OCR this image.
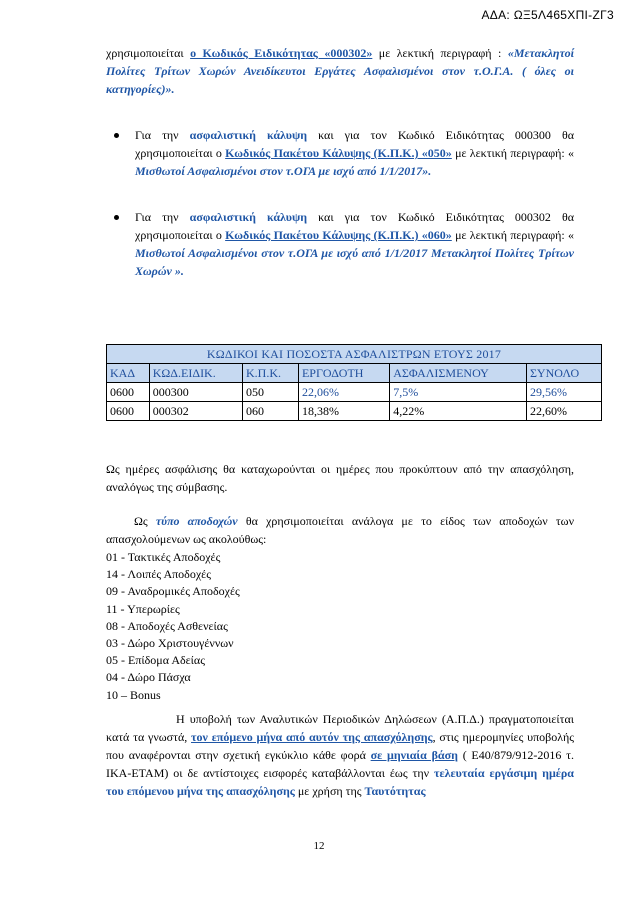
ΑΔΑ: ΩΞ5Λ465ΧΠΙ-ΖΓ3
χρησιμοποιείται ο Κωδικός Ειδικότητας «000302» με λεκτική περιγραφή : «Μετακλητοί Πολίτες Τρίτων Χωρών Ανειδίκευτοι Εργάτες Ασφαλισμένοι στον τ.Ο.Γ.Α. ( όλες οι κατηγορίες)».
Για την ασφαλιστική κάλυψη και για τον Κωδικό Ειδικότητας 000300 θα χρησιμοποιείται ο Κωδικός Πακέτου Κάλυψης (Κ.Π.Κ.) «050» με λεκτική περιγραφή: « Μισθωτοί Ασφαλισμένοι στον τ.ΟΓΑ με ισχύ από 1/1/2017».
Για την ασφαλιστική κάλυψη και για τον Κωδικό Ειδικότητας 000302 θα χρησιμοποιείται ο Κωδικός Πακέτου Κάλυψης (Κ.Π.Κ.) «060» με λεκτική περιγραφή: « Μισθωτοί Ασφαλισμένοι στον τ.ΟΓΑ με ισχύ από 1/1/2017 Μετακλητοί Πολίτες Τρίτων Χωρών ».
ΚΩΔΙΚΟΙ ΚΑΙ ΠΟΣΟΣΤΑ ΑΣΦΑΛΙΣΤΡΩΝ ΕΤΟΥΣ 2017					
ΚΑΔ	ΚΩΔ.ΕΙΔΙΚ.	Κ.Π.Κ.	ΕΡΓΟΔΟΤΗ	ΑΣΦΑΛΙΣΜΕΝΟΥ	ΣΥΝΟΛΟ
0600	000300	050	22,06%	7,5%	29,56%
0600	000302	060	18,38%	4,22%	22,60%
Ως ημέρες ασφάλισης θα καταχωρούνται οι ημέρες που προκύπτουν από την απασχόληση, αναλόγως της σύμβασης.
Ως τύπο αποδοχών θα χρησιμοποιείται ανάλογα με το είδος των αποδοχών των απασχολούμενων ως ακολούθως:
01 - Τακτικές Αποδοχές
14 - Λοιπές Αποδοχές
09 - Αναδρομικές Αποδοχές
11 - Υπερωρίες
08 - Αποδοχές Ασθενείας
03 - Δώρο Χριστουγέννων
05 - Επίδομα Αδείας
04 - Δώρο Πάσχα
10 – Bonus
Η υποβολή των Αναλυτικών Περιοδικών Δηλώσεων (Α.Π.Δ.) πραγματοποιείται κατά τα γνωστά, τον επόμενο μήνα από αυτόν της απασχόλησης, στις ημερομηνίες υποβολής που αναφέρονται στην σχετική εγκύκλιο κάθε φορά σε μηνιαία βάση ( Ε40/879/912-2016 τ. ΙΚΑ-ΕΤΑΜ) οι δε αντίστοιχες εισφορές καταβάλλονται έως την τελευταία εργάσιμη ημέρα του επόμενου μήνα της απασχόλησης με χρήση της Ταυτότητας
12
